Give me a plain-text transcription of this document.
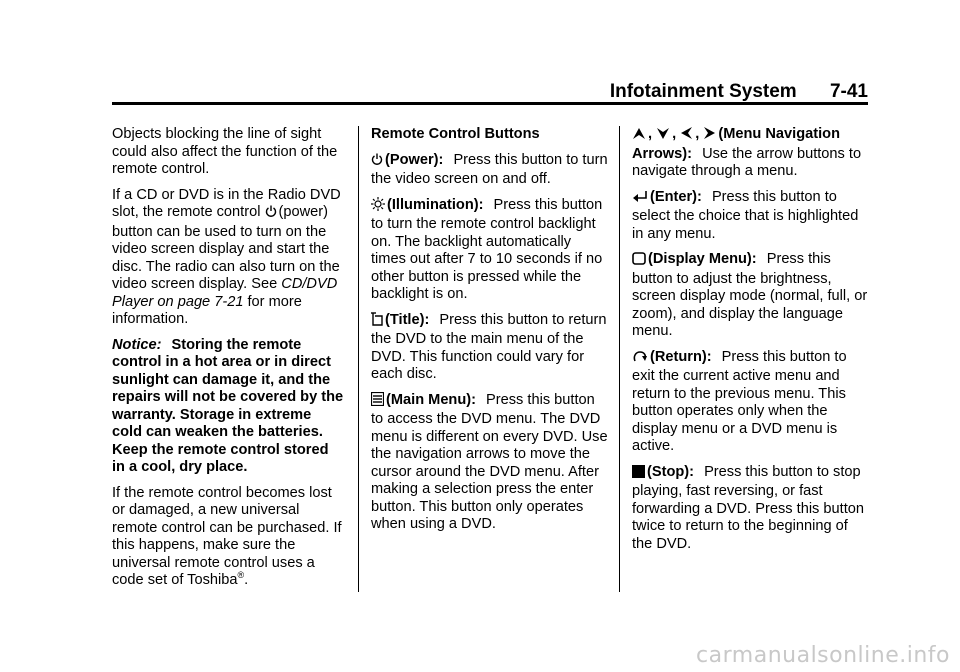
Infotainment System 7-41

Objects blocking the line of sight could also affect the function of the remote control.

If a CD or DVD is in the Radio DVD slot, the remote control (power) button can be used to turn on the video screen display and start the disc. The radio can also turn on the video screen display. See CD/DVD Player on page 7-21 for more information.

Notice: Storing the remote control in a hot area or in direct sunlight can damage it, and the repairs will not be covered by the warranty. Storage in extreme cold can weaken the batteries. Keep the remote control stored in a cool, dry place.

If the remote control becomes lost or damaged, a new universal remote control can be purchased. If this happens, make sure the universal remote control uses a code set of Toshiba®.

Remote Control Buttons

(Power): Press this button to turn the video screen on and off.

(Illumination): Press this button to turn the remote control backlight on. The backlight automatically times out after 7 to 10 seconds if no other button is pressed while the backlight is on.

(Title): Press this button to return the DVD to the main menu of the DVD. This function could vary for each disc.

(Main Menu): Press this button to access the DVD menu. The DVD menu is different on every DVD. Use the navigation arrows to move the cursor around the DVD menu. After making a selection press the enter button. This button only operates when using a DVD.

, , , (Menu Navigation Arrows): Use the arrow buttons to navigate through a menu.

(Enter): Press this button to select the choice that is highlighted in any menu.

(Display Menu): Press this button to adjust the brightness, screen display mode (normal, full, or zoom), and display the language menu.

(Return): Press this button to exit the current active menu and return to the previous menu. This button operates only when the display menu or a DVD menu is active.

(Stop): Press this button to stop playing, fast reversing, or fast forwarding a DVD. Press this button twice to return to the beginning of the DVD.

carmanualsonline.info
